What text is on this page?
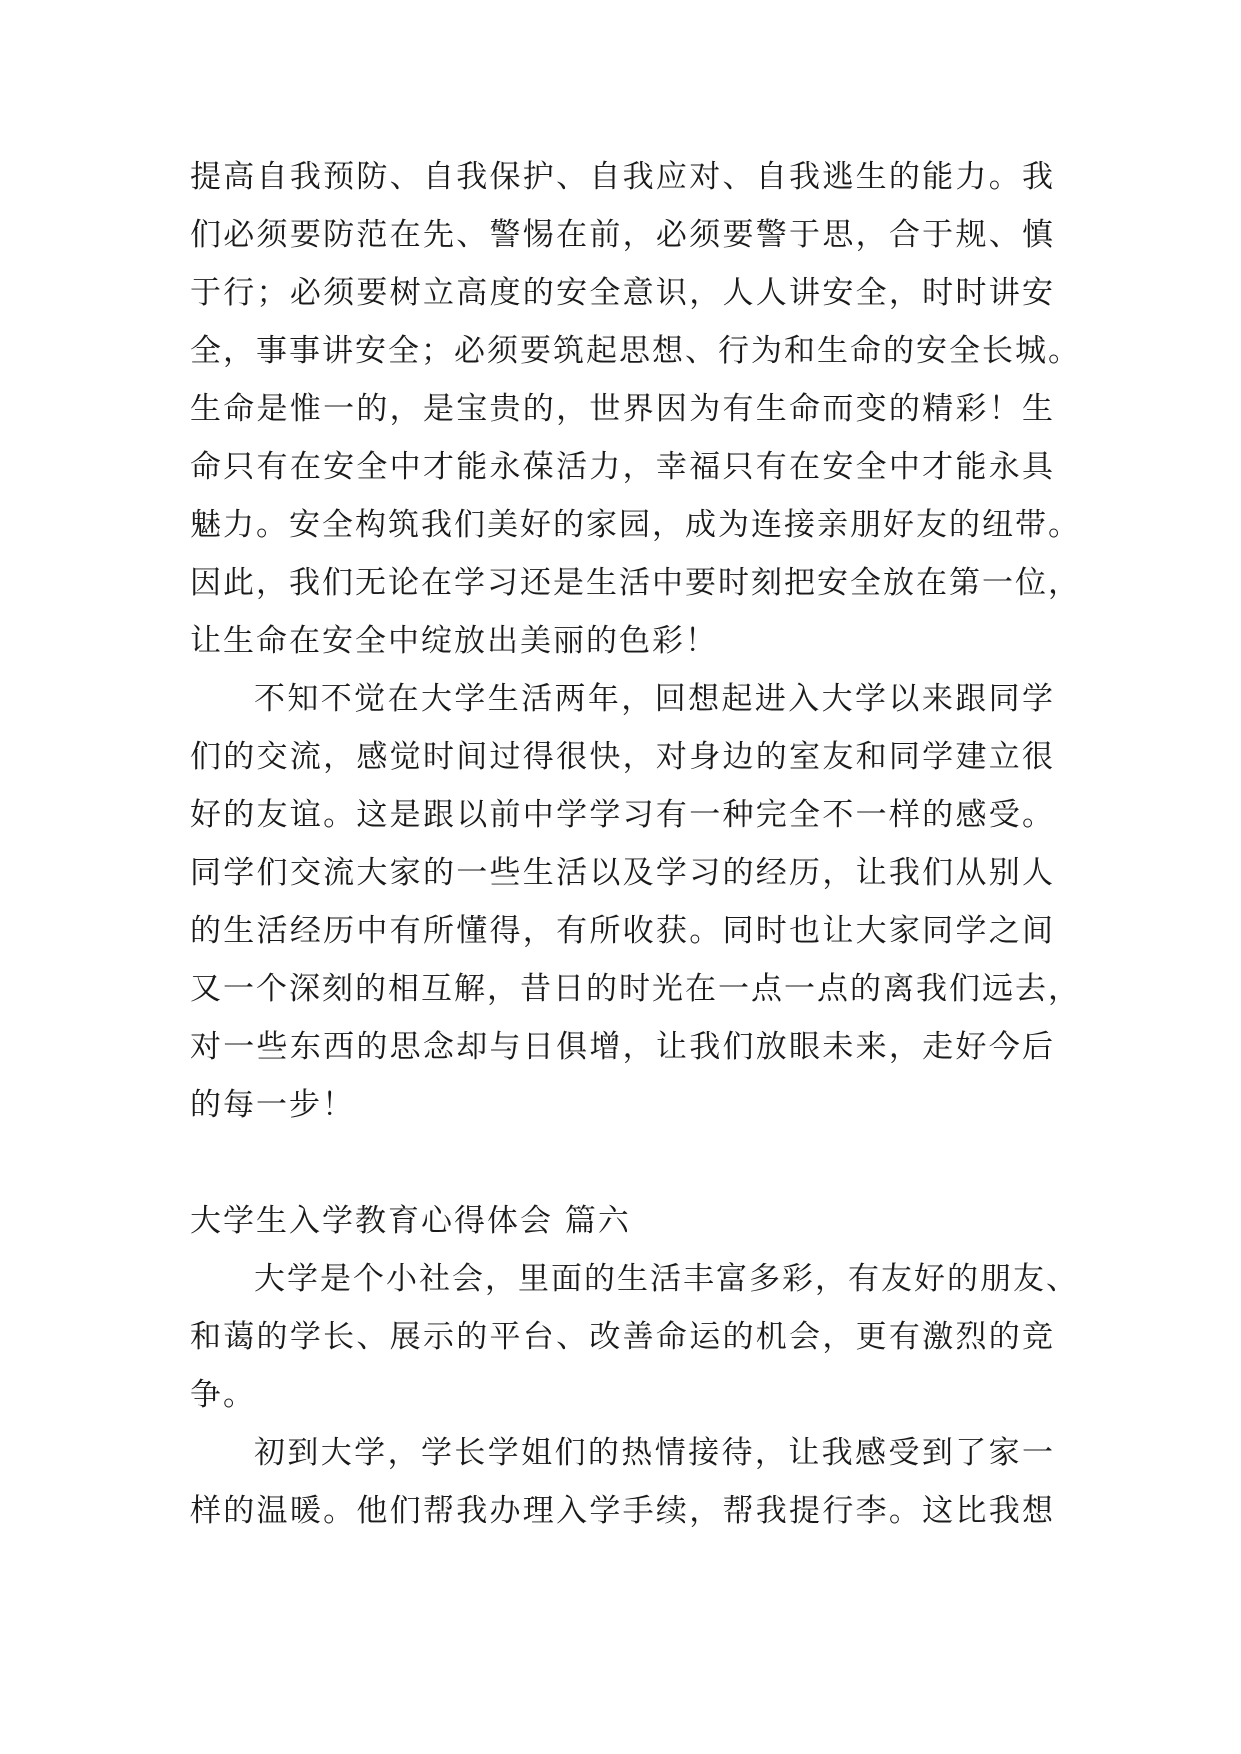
提高自我预防、自我保护、自我应对、自我逃生的能力。我
们必须要防范在先、警惕在前，必须要警于思，合于规、慎
于行；必须要树立高度的安全意识，人人讲安全，时时讲安
全，事事讲安全；必须要筑起思想、行为和生命的安全长城。
生命是惟一的，是宝贵的，世界因为有生命而变的精彩！生
命只有在安全中才能永葆活力，幸福只有在安全中才能永具
魅力。安全构筑我们美好的家园，成为连接亲朋好友的纽带。
因此，我们无论在学习还是生活中要时刻把安全放在第一位，
让生命在安全中绽放出美丽的色彩！
不知不觉在大学生活两年，回想起进入大学以来跟同学
们的交流，感觉时间过得很快，对身边的室友和同学建立很
好的友谊。这是跟以前中学学习有一种完全不一样的感受。
同学们交流大家的一些生活以及学习的经历，让我们从别人
的生活经历中有所懂得，有所收获。同时也让大家同学之间
又一个深刻的相互解，昔日的时光在一点一点的离我们远去，
对一些东西的思念却与日俱增，让我们放眼未来，走好今后
的每一步！
大学生入学教育心得体会 篇六
大学是个小社会，里面的生活丰富多彩，有友好的朋友、
和蔼的学长、展示的平台、改善命运的机会，更有激烈的竞
争。
初到大学，学长学姐们的热情接待，让我感受到了家一
样的温暖。他们帮我办理入学手续，帮我提行李。这比我想
